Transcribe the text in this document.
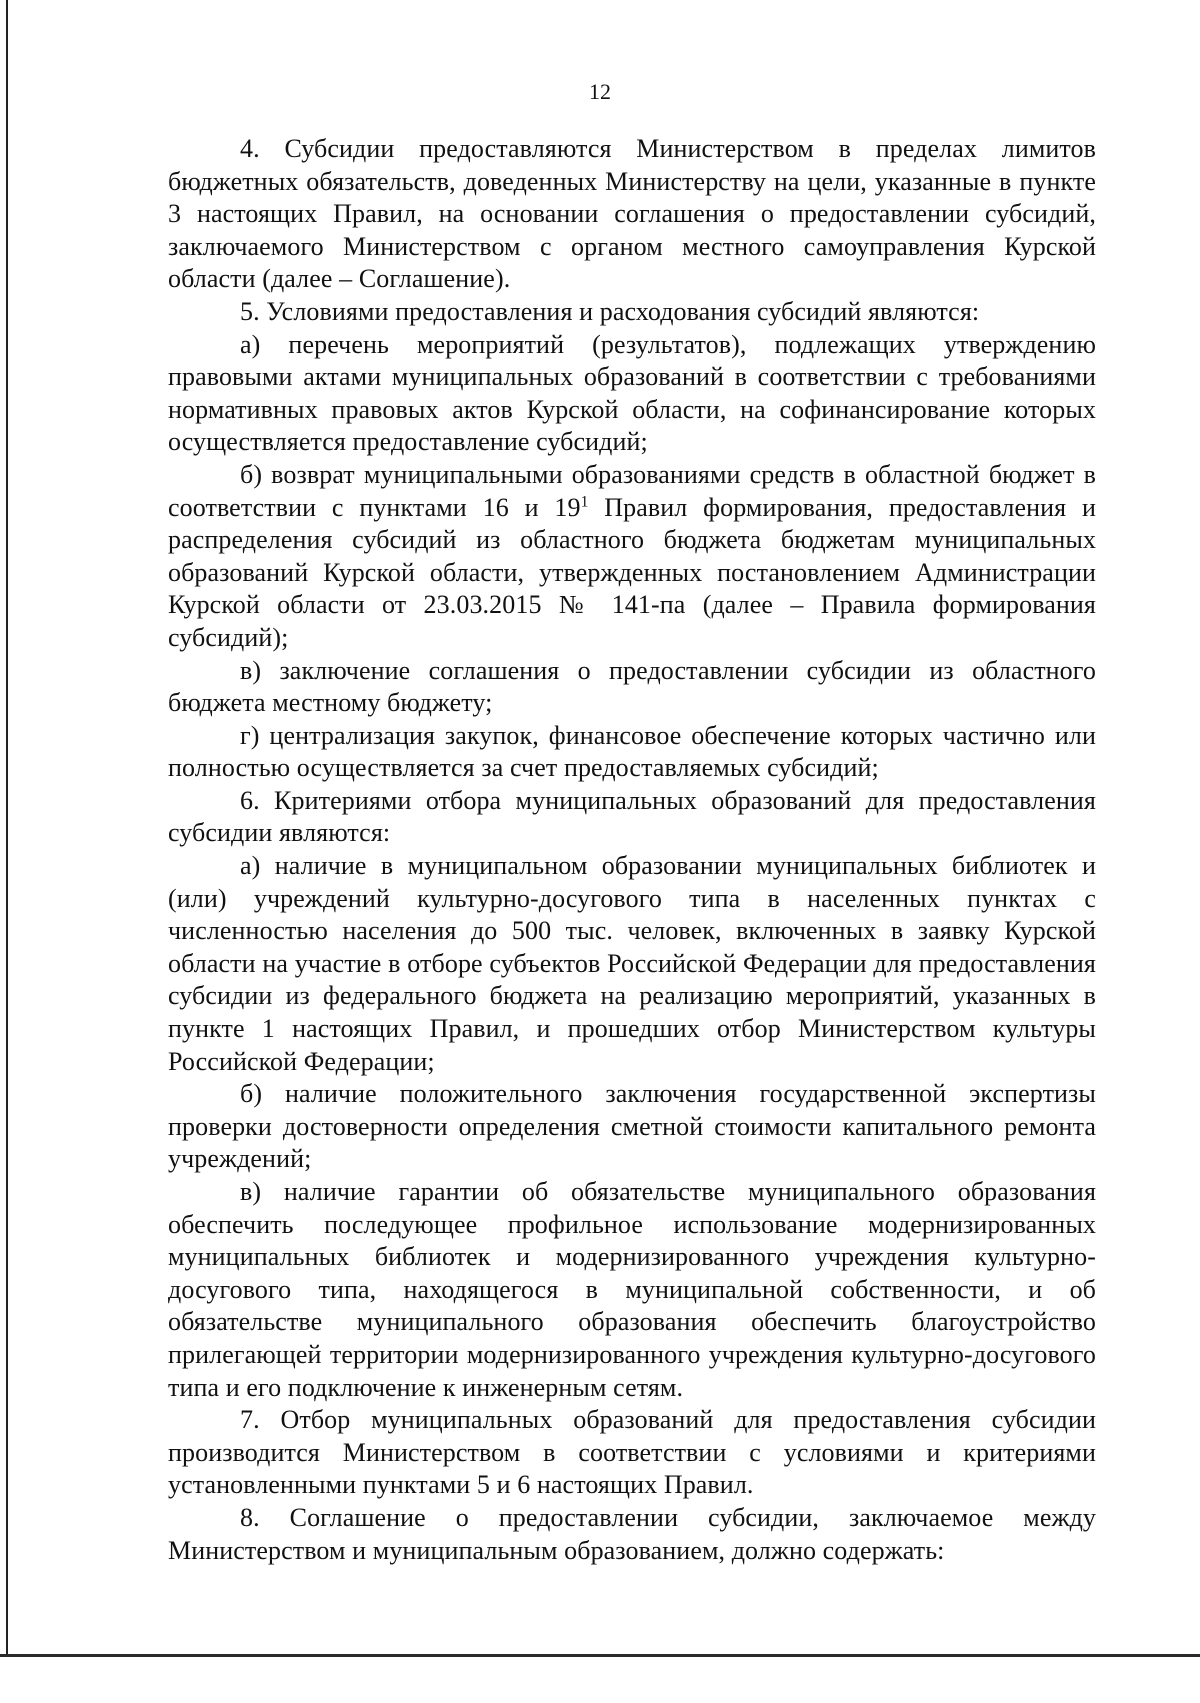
12

4. Субсидии предоставляются Министерством в пределах лимитов бюджетных обязательств, доведенных Министерству на цели, указанные в пункте 3 настоящих Правил, на основании соглашения о предоставлении субсидий, заключаемого Министерством с органом местного самоуправления Курской области (далее – Соглашение).

5. Условиями предоставления и расходования субсидий являются:

а) перечень мероприятий (результатов), подлежащих утверждению правовыми актами муниципальных образований в соответствии с требованиями нормативных правовых актов Курской области, на софинансирование которых осуществляется предоставление субсидий;

б) возврат муниципальными образованиями средств в областной бюджет в соответствии с пунктами 16 и $19^1$ Правил формирования, предоставления и распределения субсидий из областного бюджета бюджетам муниципальных образований Курской области, утвержденных постановлением Администрации Курской области от 23.03.2015 № 141-па (далее – Правила формирования субсидий);

в) заключение соглашения о предоставлении субсидии из областного бюджета местному бюджету;

г) централизация закупок, финансовое обеспечение которых частично или полностью осуществляется за счет предоставляемых субсидий;

6. Критериями отбора муниципальных образований для предоставления субсидии являются:

а) наличие в муниципальном образовании муниципальных библиотек и (или) учреждений культурно-досугового типа в населенных пунктах с численностью населения до 500 тыс. человек, включенных в заявку Курской области на участие в отборе субъектов Российской Федерации для предоставления субсидии из федерального бюджета на реализацию мероприятий, указанных в пункте 1 настоящих Правил, и прошедших отбор Министерством культуры Российской Федерации;

б) наличие положительного заключения государственной экспертизы проверки достоверности определения сметной стоимости капитального ремонта учреждений;

в) наличие гарантии об обязательстве муниципального образования обеспечить последующее профильное использование модернизированных муниципальных библиотек и модернизированного учреждения культурно-досугового типа, находящегося в муниципальной собственности, и об обязательстве муниципального образования обеспечить благоустройство прилегающей территории модернизированного учреждения культурно-досугового типа и его подключение к инженерным сетям.

7. Отбор муниципальных образований для предоставления субсидии производится Министерством в соответствии с условиями и критериями установленными пунктами 5 и 6 настоящих Правил.

8. Соглашение о предоставлении субсидии, заключаемое между Министерством и муниципальным образованием, должно содержать:
